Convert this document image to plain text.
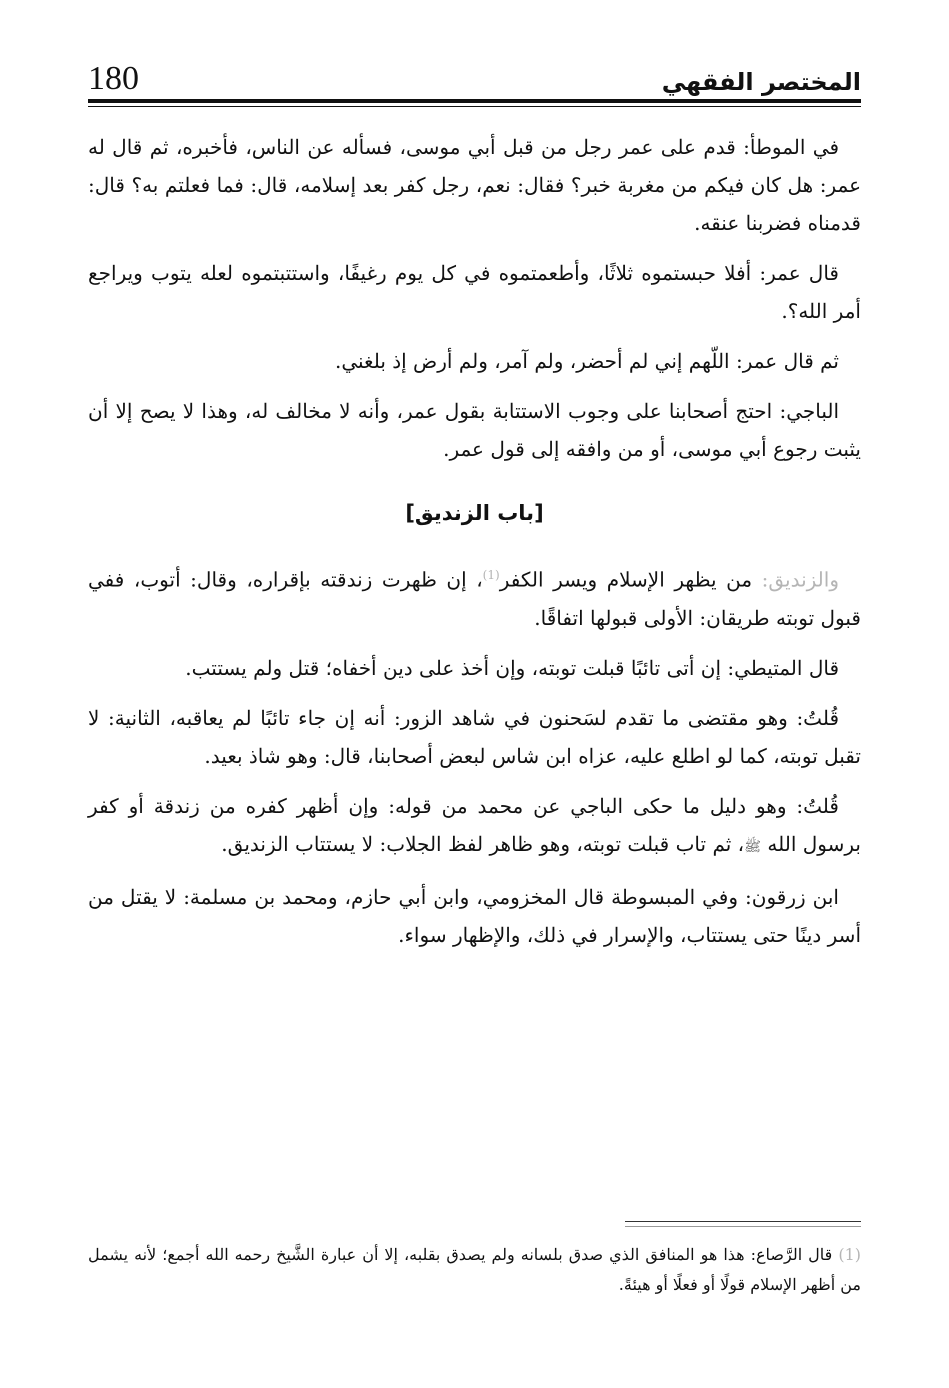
180	المختصر الفقهي

في الموطأ: قدم على عمر رجل من قبل أبي موسى، فسأله عن الناس، فأخبره، ثم قال له عمر: هل كان فيكم من مغربة خبر؟ فقال: نعم، رجل كفر بعد إسلامه، قال: فما فعلتم به؟ قال: قدمناه فضربنا عنقه.

قال عمر: أفلا حبستموه ثلاثًا، وأطعمتموه في كل يوم رغيفًا، واستتبتموه لعله يتوب ويراجع أمر الله؟.

ثم قال عمر: اللّهم إني لم أحضر، ولم آمر، ولم أرض إذ بلغني.

الباجي: احتج أصحابنا على وجوب الاستتابة بقول عمر، وأنه لا مخالف له، وهذا لا يصح إلا أن يثبت رجوع أبي موسى، أو من وافقه إلى قول عمر.

[باب الزنديق]

والزنديق: من يظهر الإسلام ويسر الكفر$^{(1)}$، إن ظهرت زندقته بإقراره، وقال: أتوب، ففي قبول توبته طريقان: الأولى قبولها اتفاقًا.

قال المتيطي: إن أتى تائبًا قبلت توبته، وإن أخذ على دين أخفاه؛ قتل ولم يستتب.

قُلتُ: وهو مقتضى ما تقدم لسَحنون في شاهد الزور: أنه إن جاء تائبًا لم يعاقبه، الثانية: لا تقبل توبته، كما لو اطلع عليه، عزاه ابن شاس لبعض أصحابنا، قال: وهو شاذ بعيد.

قُلتُ: وهو دليل ما حكى الباجي عن محمد من قوله: وإن أظهر كفره من زندقة أو كفر برسول الله ﷺ، ثم تاب قبلت توبته، وهو ظاهر لفظ الجلاب: لا يستتاب الزنديق.

ابن زرقون: وفي المبسوطة قال المخزومي، وابن أبي حازم، ومحمد بن مسلمة: لا يقتل من أسر دينًا حتى يستتاب، والإسرار في ذلك، والإظهار سواء.

(1) قال الرَّصاع: هذا هو المنافق الذي صدق بلسانه ولم يصدق بقلبه، إلا أن عبارة الشَّيخ رحمه الله أجمع؛ لأنه يشمل من أظهر الإسلام قولًا أو فعلًا أو هيئةً.
